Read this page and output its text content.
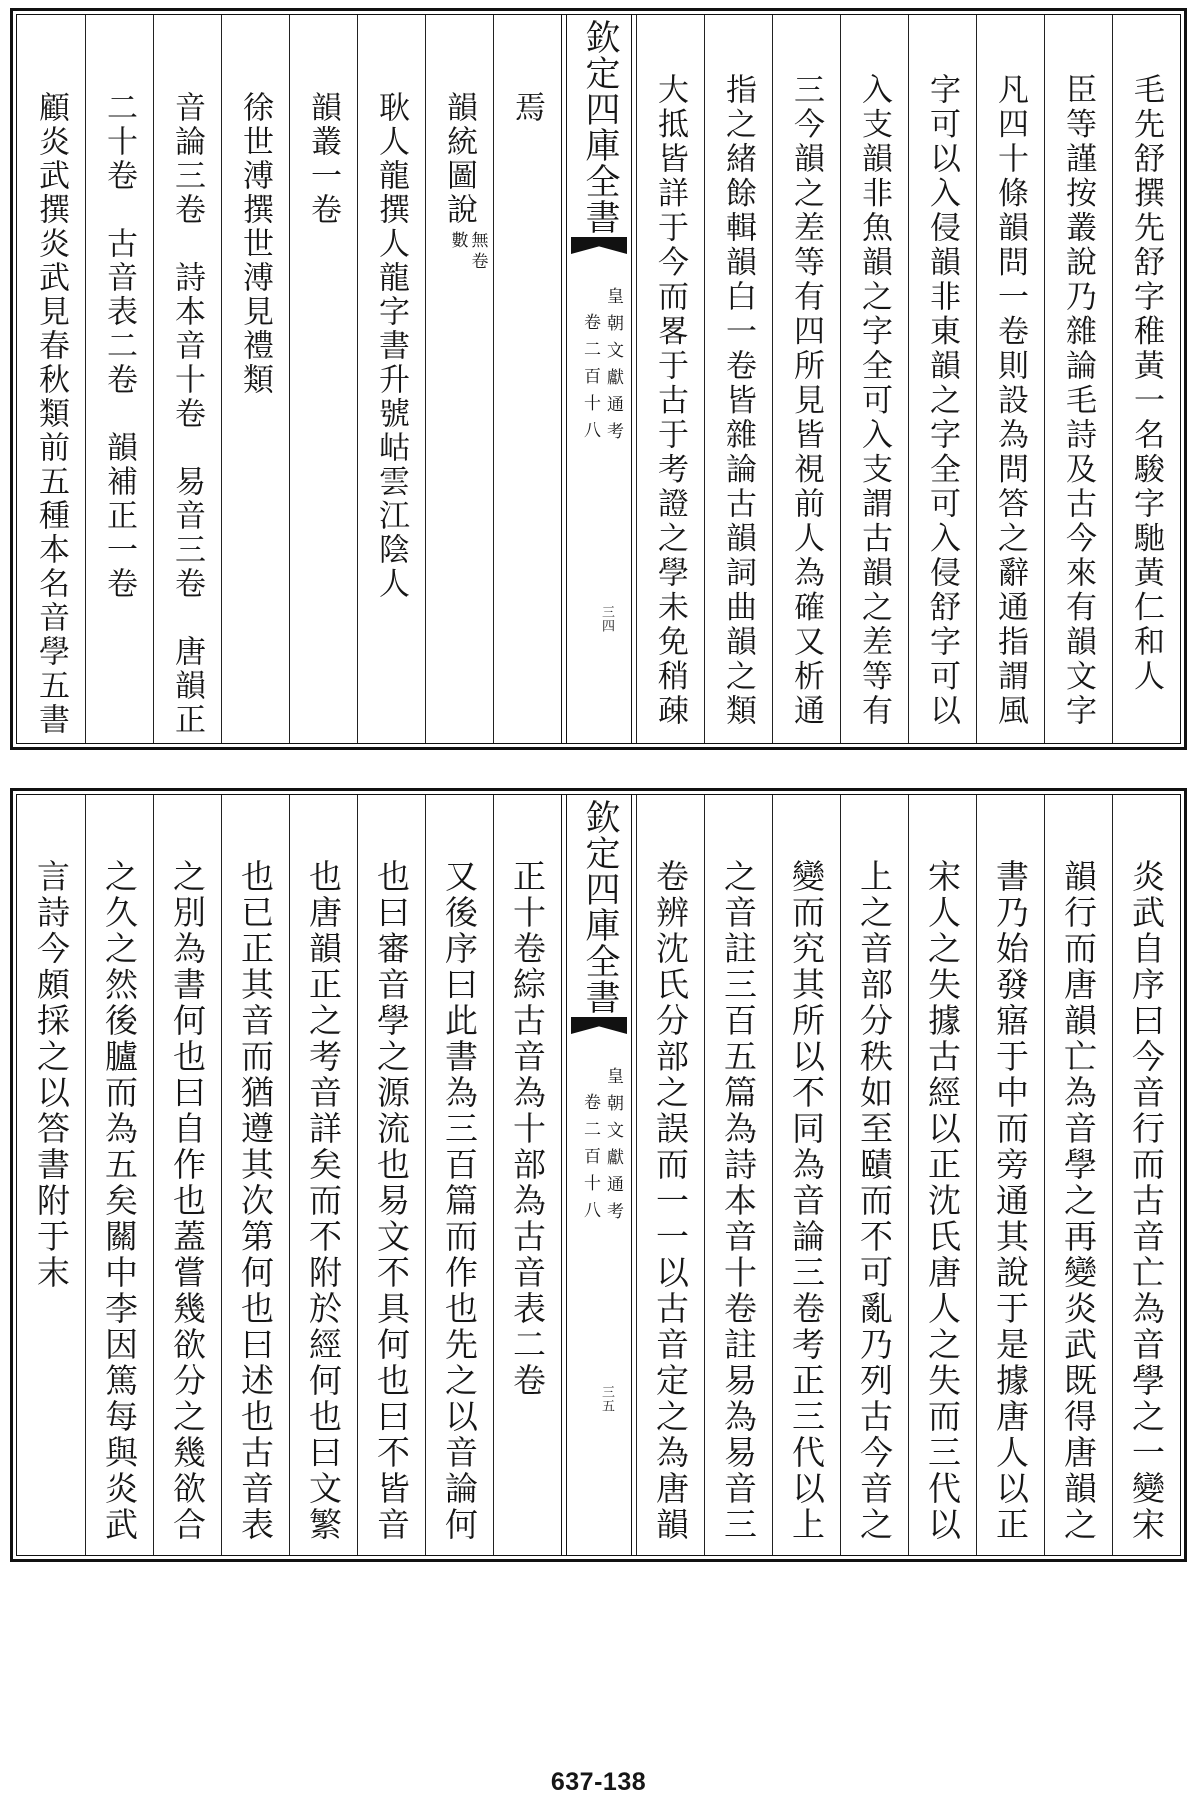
毛先舒撰先舒字稚黃一名駿字馳黃仁和人
臣等謹按叢說乃雜論毛詩及古今來有韻文字
凡四十條韻問一卷則設為問答之辭通指謂風
字可以入侵韻非東韻之字全可入侵舒字可以
入支韻非魚韻之字全可入支謂古韻之差等有
三今韻之差等有四所見皆視前人為確又析通
指之緒餘輯韻白一卷皆雜論古韻詞曲韻之類
大抵皆詳于今而畧于古于考證之學未免稍疎
欽定四庫全書
皇朝文獻通考
卷二百十八
三四
焉
韻統圖說
無卷
數
耿人龍撰人龍字書升號岵雲江陰人
韻叢一卷
徐世溥撰世溥見禮類
音論三卷　詩本音十卷　易音三卷　唐韻正
二十卷　古音表二卷　韻補正一卷
顧炎武撰炎武見春秋類前五種本名音學五書
炎武自序曰今音行而古音亡為音學之一變宋
韻行而唐韻亡為音學之再變炎武既得唐韻之
書乃始發寤于中而旁通其說于是據唐人以正
宋人之失據古經以正沈氏唐人之失而三代以
上之音部分秩如至賾而不可亂乃列古今音之
變而究其所以不同為音論三卷考正三代以上
之音註三百五篇為詩本音十卷註易為易音三
卷辨沈氏分部之誤而一一以古音定之為唐韻
欽定四庫全書
皇朝文獻通考
卷二百十八
三五
正十卷綜古音為十部為古音表二卷
又後序曰此書為三百篇而作也先之以音論何
也曰審音學之源流也易文不具何也曰不皆音
也唐韻正之考音詳矣而不附於經何也曰文繁
也已正其音而猶遵其次第何也曰述也古音表
之別為書何也曰自作也蓋嘗幾欲分之幾欲合
之久之然後臚而為五矣關中李因篤每與炎武
言詩今頗採之以答書附于末
637-138
